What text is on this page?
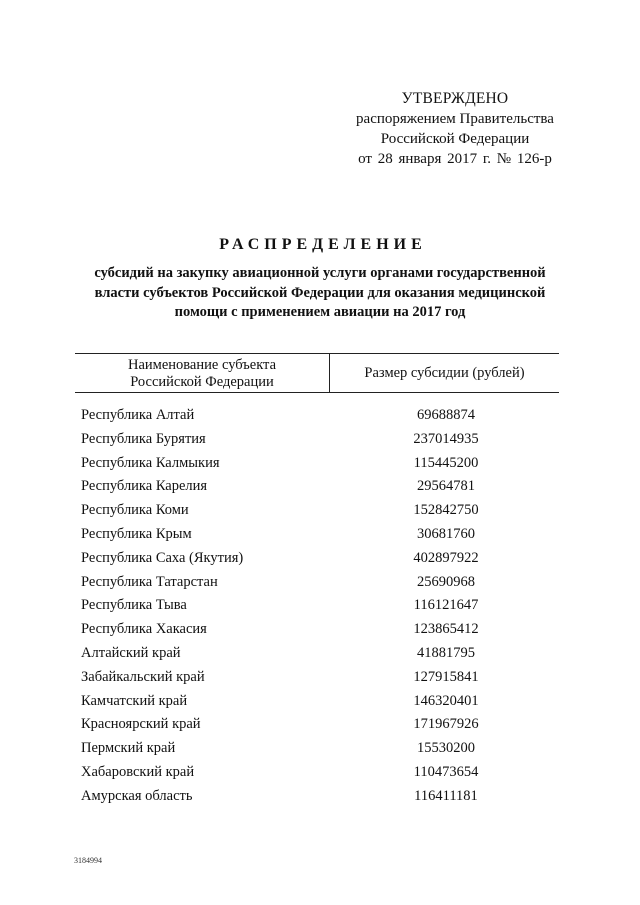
УТВЕРЖДЕНО
распоряжением Правительства
Российской Федерации
от 28 января 2017 г. № 126-р
РАСПРЕДЕЛЕНИЕ
субсидий на закупку авиационной услуги органами государственной
власти субъектов Российской Федерации для оказания медицинской
помощи с применением авиации на 2017 год
Наименование субъекта
Российской Федерации
Размер субсидии (рублей)
Республика Алтай	69688874
Республика Бурятия	237014935
Республика Калмыкия	115445200
Республика Карелия	29564781
Республика Коми	152842750
Республика Крым	30681760
Республика Саха (Якутия)	402897922
Республика Татарстан	25690968
Республика Тыва	116121647
Республика Хакасия	123865412
Алтайский край	41881795
Забайкальский край	127915841
Камчатский край	146320401
Красноярский край	171967926
Пермский край	15530200
Хабаровский край	110473654
Амурская область	116411181
3184994
